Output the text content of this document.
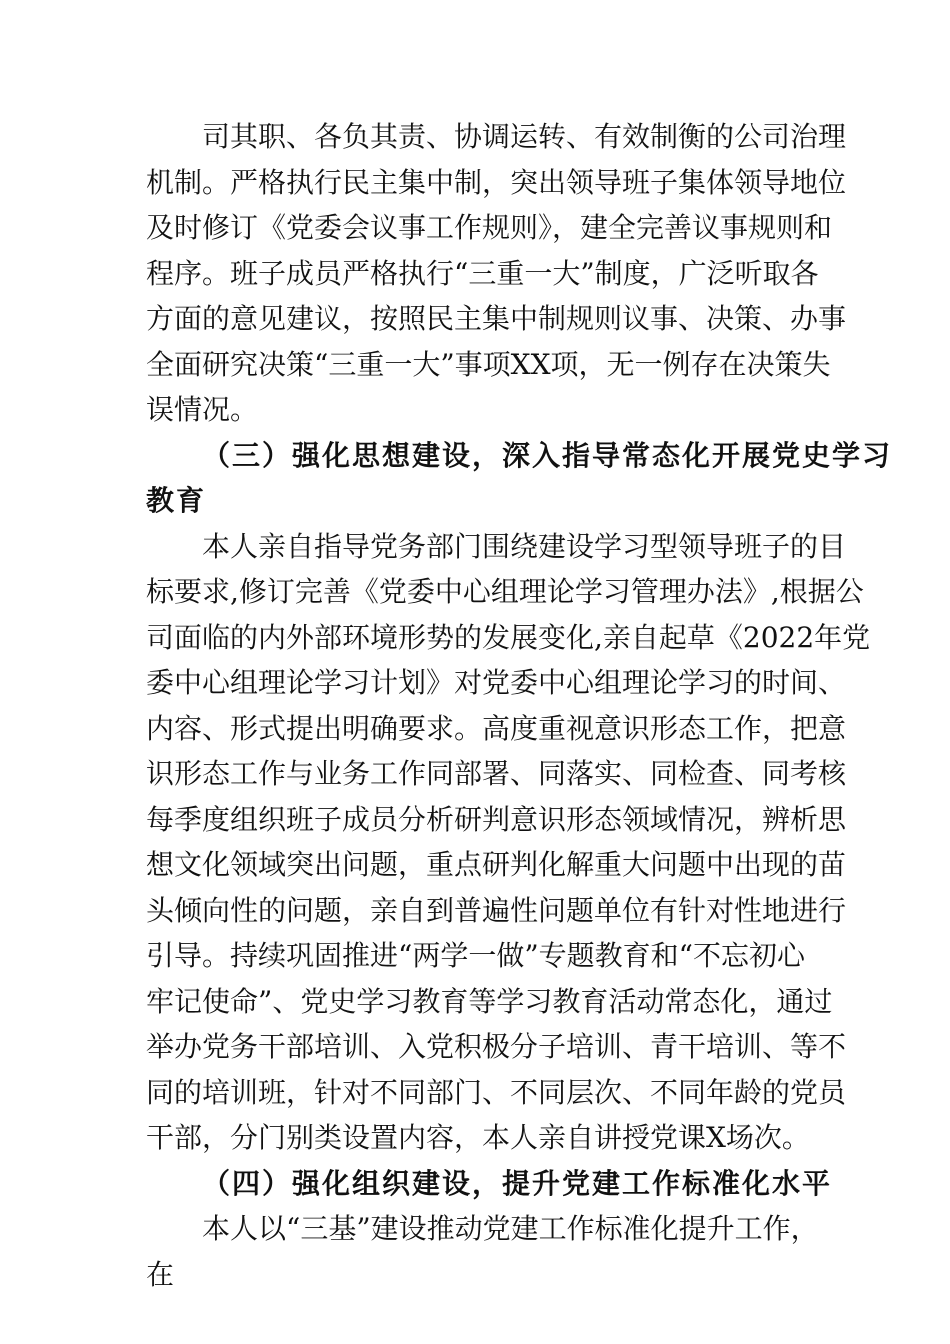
司其职、各负其责、协调运转、有效制衡的公司治理
机制。严格执行民主集中制，突出领导班子集体领导地位
及时修订《党委会议事工作规则》，建全完善议事规则和
程序。班子成员严格执行“三重一大”制度，广泛听取各
方面的意见建议，按照民主集中制规则议事、决策、办事
全面研究决策“三重一大”事项XX项，无一例存在决策失
误情况。
（三）强化思想建设，深入指导常态化开展党史学习
教育
本人亲自指导党务部门围绕建设学习型领导班子的目
标要求,修订完善《党委中心组理论学习管理办法》,根据公
司面临的内外部环境形势的发展变化,亲自起草《2022年党
委中心组理论学习计划》对党委中心组理论学习的时间、
内容、形式提出明确要求。高度重视意识形态工作，把意
识形态工作与业务工作同部署、同落实、同检查、同考核
每季度组织班子成员分析研判意识形态领域情况，辨析思
想文化领域突出问题，重点研判化解重大问题中出现的苗
头倾向性的问题，亲自到普遍性问题单位有针对性地进行
引导。持续巩固推进“两学一做”专题教育和“不忘初心
牢记使命”、党史学习教育等学习教育活动常态化，通过
举办党务干部培训、入党积极分子培训、青干培训、等不
同的培训班，针对不同部门、不同层次、不同年龄的党员
干部，分门别类设置内容，本人亲自讲授党课X场次。
（四）强化组织建设，提升党建工作标准化水平
本人以“三基”建设推动党建工作标准化提升工作，
在
